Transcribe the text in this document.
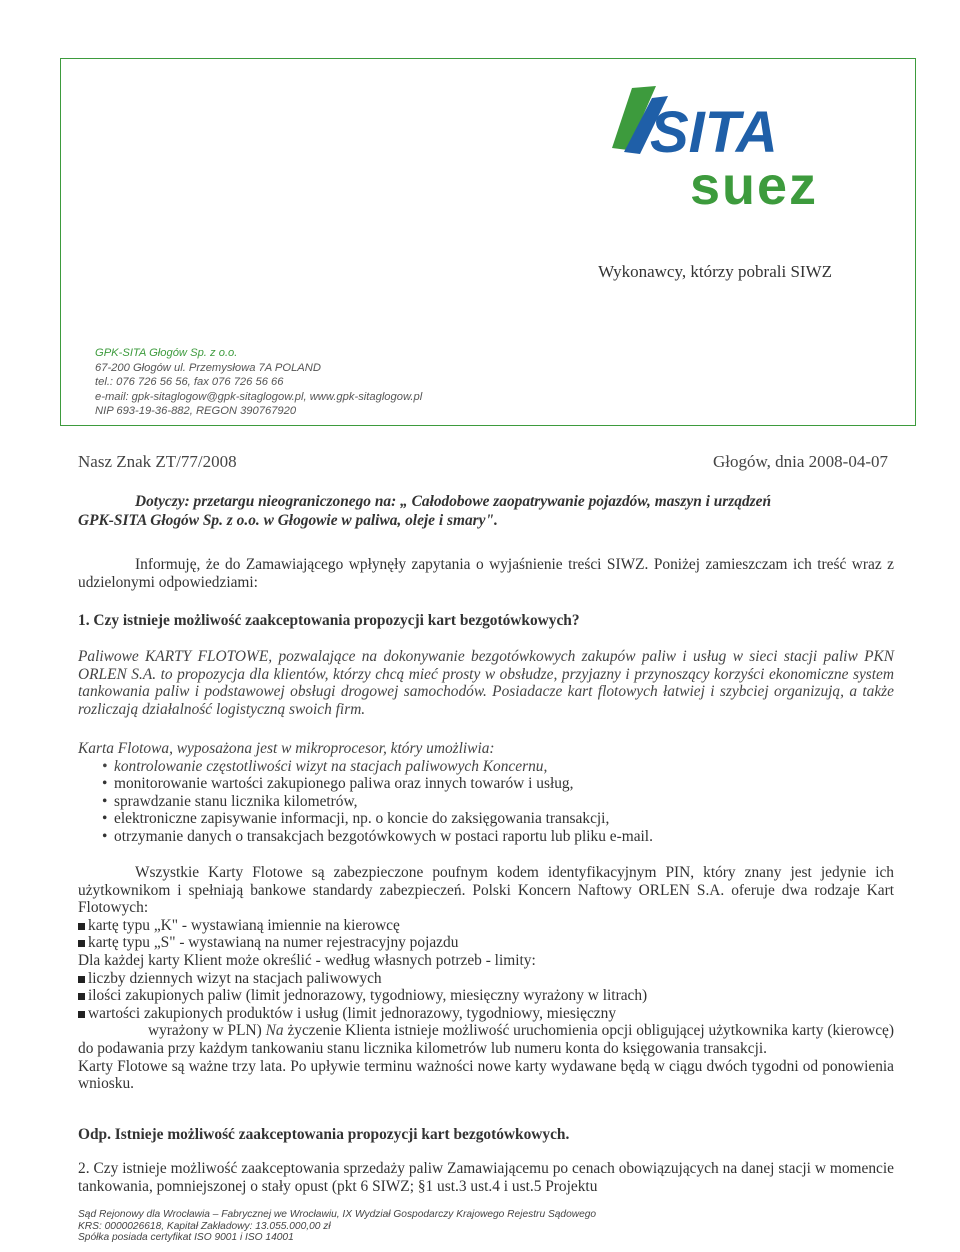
SITA
suez
Wykonawcy, którzy pobrali SIWZ
GPK-SITA Głogów Sp. z o.o.
67-200 Głogów ul. Przemysłowa 7A POLAND
tel.: 076 726 56 56, fax 076 726 56 66
e-mail: gpk-sitaglogow@gpk-sitaglogow.pl, www.gpk-sitaglogow.pl
NIP 693-19-36-882, REGON 390767920
Nasz Znak ZT/77/2008	Głogów, dnia 2008-04-07
Dotyczy: przetargu nieograniczonego na: „ Całodobowe zaopatrywanie pojazdów, maszyn i urządzeń
GPK-SITA Głogów Sp. z o.o. w Głogowie w paliwa, oleje i smary".
Informuję, że do Zamawiającego wpłynęły zapytania o wyjaśnienie treści SIWZ. Poniżej zamieszczam ich treść wraz z udzielonymi odpowiedziami:
1. Czy istnieje możliwość zaakceptowania propozycji kart bezgotówkowych?
Paliwowe KARTY FLOTOWE, pozwalające na dokonywanie bezgotówkowych zakupów paliw i usług w sieci stacji paliw PKN ORLEN S.A. to propozycja dla klientów, którzy chcą mieć prosty w obsłudze, przyjazny i przynoszący korzyści ekonomiczne system tankowania paliw i podstawowej obsługi drogowej samochodów. Posiadacze kart flotowych łatwiej i szybciej organizują, a także rozliczają działalność logistyczną swoich firm.
Karta Flotowa, wyposażona jest w mikroprocesor, który umożliwia:
• kontrolowanie częstotliwości wizyt na stacjach paliwowych Koncernu,
• monitorowanie wartości zakupionego paliwa oraz innych towarów i usług,
• sprawdzanie stanu licznika kilometrów,
• elektroniczne zapisywanie informacji, np. o koncie do zaksięgowania transakcji,
• otrzymanie danych o transakcjach bezgotówkowych w postaci raportu lub pliku e-mail.
Wszystkie Karty Flotowe są zabezpieczone poufnym kodem identyfikacyjnym PIN, który znany jest jedynie ich użytkownikom i spełniają bankowe standardy zabezpieczeń. Polski Koncern Naftowy ORLEN S.A. oferuje dwa rodzaje Kart Flotowych:
kartę typu „K" - wystawianą imiennie na kierowcę
kartę typu „S" - wystawianą na numer rejestracyjny pojazdu
Dla każdej karty Klient może określić - według własnych potrzeb - limity:
liczby dziennych wizyt na stacjach paliwowych
ilości zakupionych paliw (limit jednorazowy, tygodniowy, miesięczny wyrażony w litrach)
wartości zakupionych produktów i usług (limit jednorazowy, tygodniowy, miesięczny
wyrażony w PLN) Na życzenie Klienta istnieje możliwość uruchomienia opcji obligującej użytkownika karty (kierowcę) do podawania przy każdym tankowaniu stanu licznika kilometrów lub numeru konta do księgowania transakcji.
Karty Flotowe są ważne trzy lata. Po upływie terminu ważności nowe karty wydawane będą w ciągu dwóch tygodni od ponowienia wniosku.
Odp. Istnieje możliwość zaakceptowania propozycji kart bezgotówkowych.
2. Czy istnieje możliwość zaakceptowania sprzedaży paliw Zamawiającemu po cenach obowiązujących na danej stacji w momencie tankowania, pomniejszonej o stały opust (pkt 6 SIWZ; §1 ust.3 ust.4 i ust.5 Projektu
Sąd Rejonowy dla Wrocławia – Fabrycznej we Wrocławiu, IX Wydział Gospodarczy Krajowego Rejestru Sądowego
KRS: 0000026618, Kapitał Zakładowy: 13.055.000,00 zł
Spółka posiada certyfikat ISO 9001 i ISO 14001
